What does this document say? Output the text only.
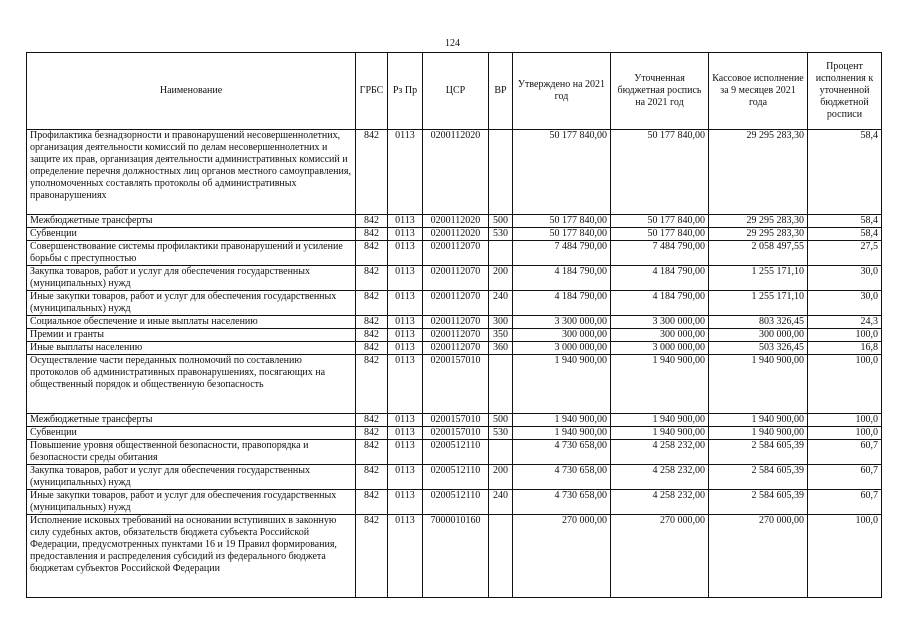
124
Наименование	ГРБС	Рз Пр	ЦСР	ВР	Утверждено на 2021 год	Уточненная бюджетная роспись на 2021 год	Кассовое исполнение за 9 месяцев 2021 года	Процент исполнения к уточненной бюджетной росписи
Профилактика безнадзорности и правонарушений несовершеннолетних, организация деятельности комиссий по делам несовершеннолетних и защите их прав, организация деятельности административных комиссий и определение перечня должностных лиц органов местного самоуправления, уполномоченных составлять протоколы об административных правонарушениях	842	0113	0200112020		50 177 840,00	50 177 840,00	29 295 283,30	58,4
Межбюджетные трансферты	842	0113	0200112020	500	50 177 840,00	50 177 840,00	29 295 283,30	58,4
Субвенции	842	0113	0200112020	530	50 177 840,00	50 177 840,00	29 295 283,30	58,4
Совершенствование системы профилактики правонарушений и усиление борьбы с преступностью	842	0113	0200112070		7 484 790,00	7 484 790,00	2 058 497,55	27,5
Закупка товаров, работ и услуг для обеспечения государственных (муниципальных) нужд	842	0113	0200112070	200	4 184 790,00	4 184 790,00	1 255 171,10	30,0
Иные закупки товаров, работ и услуг для обеспечения государственных (муниципальных) нужд	842	0113	0200112070	240	4 184 790,00	4 184 790,00	1 255 171,10	30,0
Социальное обеспечение и иные выплаты населению	842	0113	0200112070	300	3 300 000,00	3 300 000,00	803 326,45	24,3
Премии и гранты	842	0113	0200112070	350	300 000,00	300 000,00	300 000,00	100,0
Иные выплаты населению	842	0113	0200112070	360	3 000 000,00	3 000 000,00	503 326,45	16,8
Осуществление части переданных полномочий по составлению протоколов об административных правонарушениях, посягающих на общественный порядок и общественную безопасность	842	0113	0200157010		1 940 900,00	1 940 900,00	1 940 900,00	100,0
Межбюджетные трансферты	842	0113	0200157010	500	1 940 900,00	1 940 900,00	1 940 900,00	100,0
Субвенции	842	0113	0200157010	530	1 940 900,00	1 940 900,00	1 940 900,00	100,0
Повышение уровня общественной безопасности, правопорядка и безопасности среды обитания	842	0113	0200512110		4 730 658,00	4 258 232,00	2 584 605,39	60,7
Закупка товаров, работ и услуг для обеспечения государственных (муниципальных) нужд	842	0113	0200512110	200	4 730 658,00	4 258 232,00	2 584 605,39	60,7
Иные закупки товаров, работ и услуг для обеспечения государственных (муниципальных) нужд	842	0113	0200512110	240	4 730 658,00	4 258 232,00	2 584 605,39	60,7
Исполнение исковых требований на основании вступивших в законную силу судебных актов, обязательств бюджета субъекта Российской Федерации, предусмотренных пунктами 16 и 19 Правил формирования, предоставления и распределения субсидий из федерального бюджета бюджетам субъектов Российской Федерации	842	0113	7000010160		270 000,00	270 000,00	270 000,00	100,0
